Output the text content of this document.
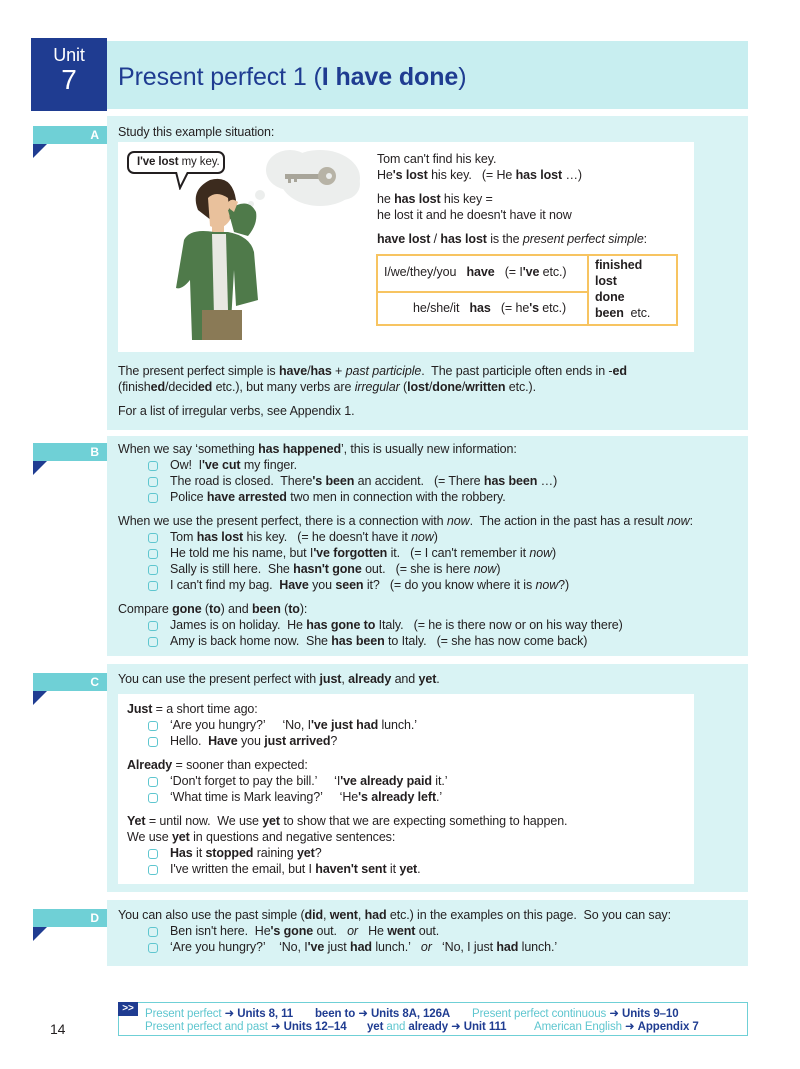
Unit
7	Present perfect 1 (I have done)
A Study this example situation:
I've lost my key.	Tom can't find his key.
He's lost his key.   (= He has lost …)
he has lost his key =
he lost it and he doesn't have it now
have lost / has lost is the present perfect simple:
I/we/they/you have   (= I've etc.)
he/she/it has   (= he's etc.)
finished
lost
done
been etc.
The present perfect simple is have/has + past participle.  The past participle often ends in -ed
(finished/decided etc.), but many verbs are irregular (lost/done/written etc.).
For a list of irregular verbs, see Appendix 1.
B When we say ‘something has happened’, this is usually new information:
Ow!  I've cut my finger.
The road is closed.  There's been an accident.   (= There has been …)
Police have arrested two men in connection with the robbery.
When we use the present perfect, there is a connection with now.  The action in the past has a result now:
Tom has lost his key.   (= he doesn't have it now)
He told me his name, but I've forgotten it.   (= I can't remember it now)
Sally is still here.  She hasn't gone out.   (= she is here now)
I can't find my bag.  Have you seen it?   (= do you know where it is now?)
Compare gone (to) and been (to):
James is on holiday.  He has gone to Italy.   (= he is there now or on his way there)
Amy is back home now.  She has been to Italy.   (= she has now come back)
C You can use the present perfect with just, already and yet.
Just = a short time ago:
‘Are you hungry?’     ‘No, I've just had lunch.’
Hello.  Have you just arrived?
Already = sooner than expected:
‘Don't forget to pay the bill.’     ‘I've already paid it.’
‘What time is Mark leaving?’     ‘He's already left.’
Yet = until now.  We use yet to show that we are expecting something to happen.
We use yet in questions and negative sentences:
Has it stopped raining yet?
I've written the email, but I haven't sent it yet.
D You can also use the past simple (did, went, had etc.) in the examples on this page.  So you can say:
Ben isn't here.  He's gone out.   or   He went out.
‘Are you hungry?’    ‘No, I've just had lunch.’   or   ‘No, I just had lunch.’
>> Present perfect ➜ Units 8, 11 been to ➜ Units 8A, 126A Present perfect continuous ➜ Units 9–10
Present perfect and past ➜ Units 12–14 yet and already ➜ Unit 111 American English ➜ Appendix 7
14
